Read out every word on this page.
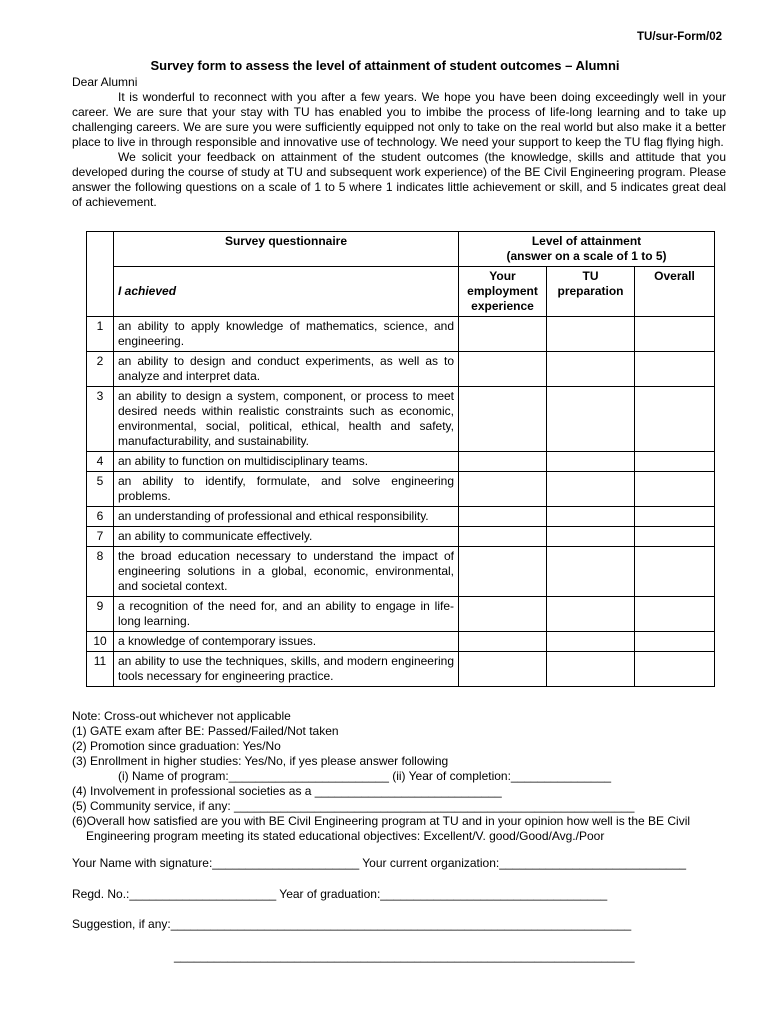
TU/sur-Form/02
Survey form to assess the level of attainment of student outcomes – Alumni

Dear Alumni

It is wonderful to reconnect with you after a few years. We hope you have been doing exceedingly well in your career. We are sure that your stay with TU has enabled you to imbibe the process of life-long learning and to take up challenging careers. We are sure you were sufficiently equipped not only to take on the real world but also make it a better place to live in through responsible and innovative use of technology. We need your support to keep the TU flag flying high.

We solicit your feedback on attainment of the student outcomes (the knowledge, skills and attitude that you developed during the course of study at TU and subsequent work experience) of the BE Civil Engineering program. Please answer the following questions on a scale of 1 to 5 where 1 indicates little achievement or skill, and 5 indicates great deal of achievement.

	Survey questionnaire	Level of attainment
(answer on a scale of 1 to 5)		

	I achieved	Your employment experience	TU preparation	Overall
1	an ability to apply knowledge of mathematics, science, and engineering.			
2	an ability to design and conduct experiments, as well as to analyze and interpret data.			
3	an ability to design a system, component, or process to meet desired needs within realistic constraints such as economic, environmental, social, political, ethical, health and safety, manufacturability, and sustainability.			
4	an ability to function on multidisciplinary teams.			
5	an ability to identify, formulate, and solve engineering problems.			
6	an understanding of professional and ethical responsibility.			
7	an ability to communicate effectively.			
8	the broad education necessary to understand the impact of engineering solutions in a global, economic, environmental, and societal context.			
9	a recognition of the need for, and an ability to engage in life-long learning.			
10	a knowledge of contemporary issues.			
11	an ability to use the techniques, skills, and modern engineering tools necessary for engineering practice.			
Note: Cross-out whichever not applicable
(1) GATE exam after BE: Passed/Failed/Not taken
(2) Promotion since graduation: Yes/No
(3) Enrollment in higher studies: Yes/No, if yes please answer following
(i) Name of program:________________________ (ii) Year of completion:_______________
(4) Involvement in professional societies as a ____________________________
(5) Community service, if any: ____________________________________________________________
(6)Overall how satisfied are you with BE Civil Engineering program at TU and in your opinion how well is the BE Civil
Engineering program meeting its stated educational objectives: Excellent/V. good/Good/Avg./Poor
Your Name with signature:______________________ Your current organization:____________________________
Regd. No.:______________________ Year of graduation:__________________________________
Suggestion, if any:_____________________________________________________________________
_____________________________________________________________________
